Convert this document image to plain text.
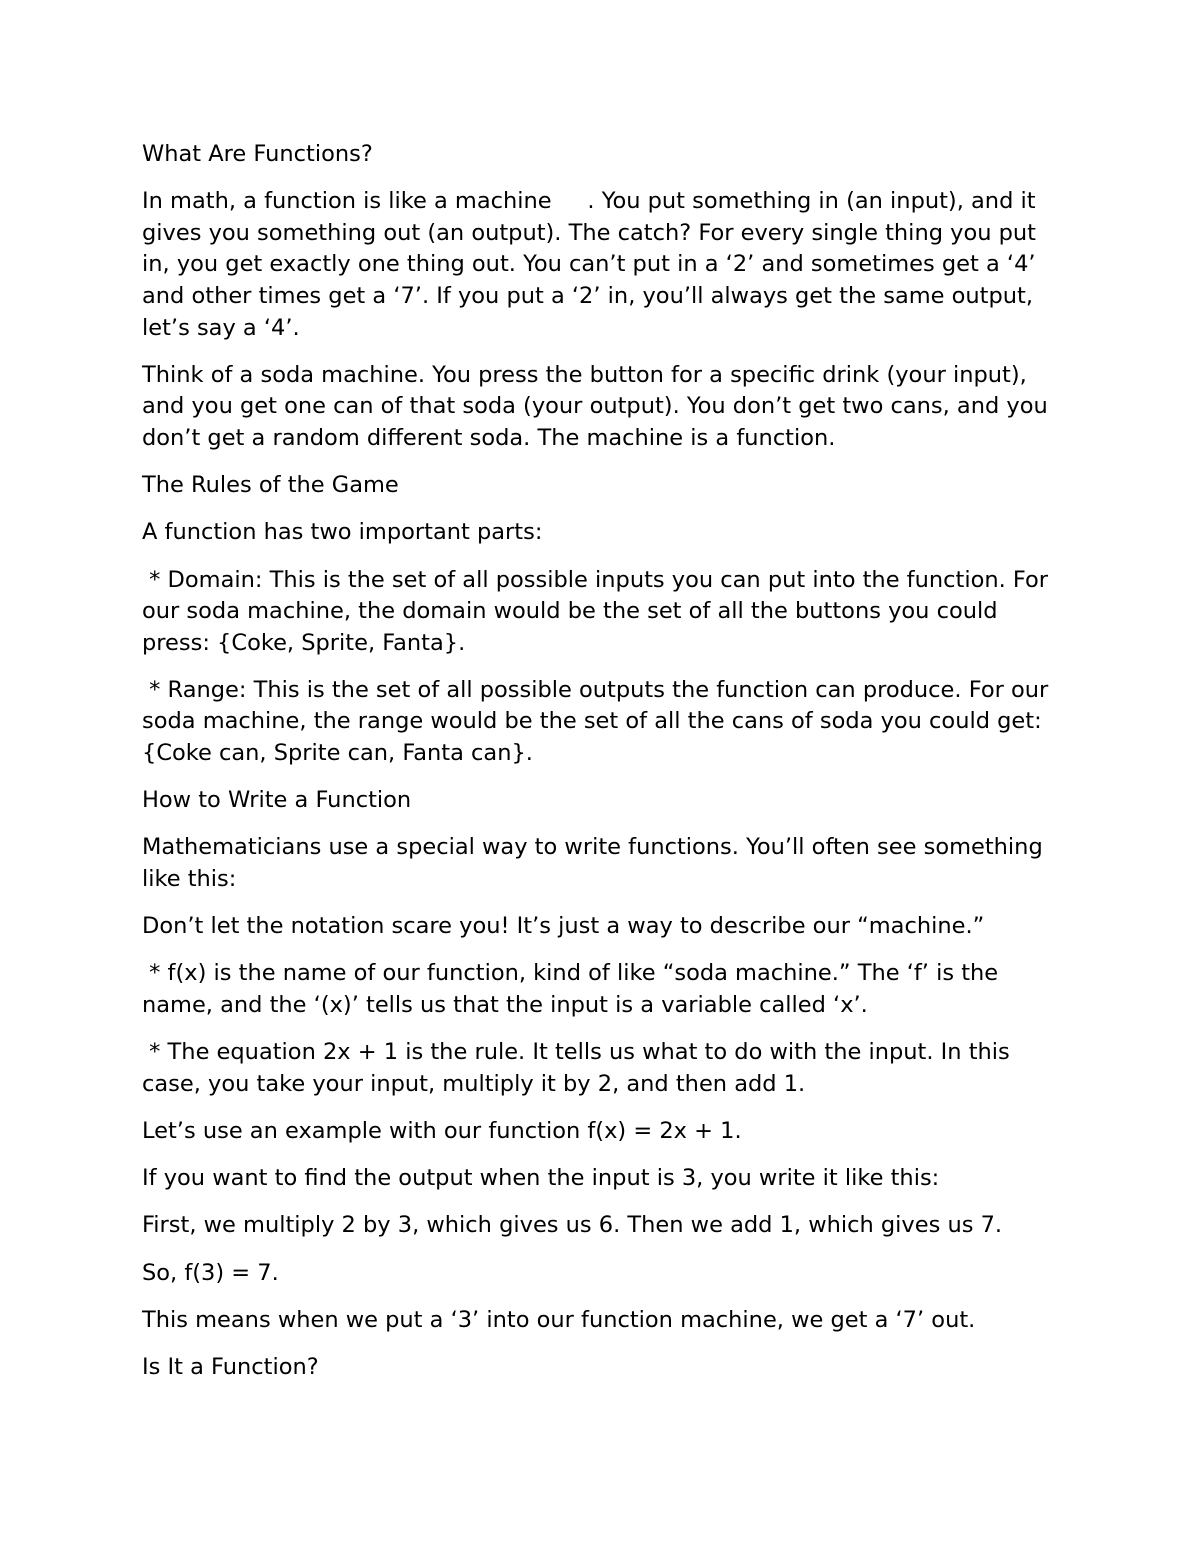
What Are Functions?

In math, a function is like a machine     . You put something in (an input), and it gives you something out (an output). The catch? For every single thing you put in, you get exactly one thing out. You can’t put in a ‘2’ and sometimes get a ‘4’ and other times get a ‘7’. If you put a ‘2’ in, you’ll always get the same output, let’s say a ‘4’.

Think of a soda machine. You press the button for a specific drink (your input), and you get one can of that soda (your output). You don’t get two cans, and you don’t get a random different soda. The machine is a function.

The Rules of the Game

A function has two important parts:

* Domain: This is the set of all possible inputs you can put into the function. For our soda machine, the domain would be the set of all the buttons you could press: {Coke, Sprite, Fanta}.

* Range: This is the set of all possible outputs the function can produce. For our soda machine, the range would be the set of all the cans of soda you could get: {Coke can, Sprite can, Fanta can}.

How to Write a Function

Mathematicians use a special way to write functions. You’ll often see something like this:

Don’t let the notation scare you! It’s just a way to describe our “machine.”

* f(x) is the name of our function, kind of like “soda machine.” The ‘f’ is the name, and the ‘(x)’ tells us that the input is a variable called ‘x’.

* The equation 2x + 1 is the rule. It tells us what to do with the input. In this case, you take your input, multiply it by 2, and then add 1.

Let’s use an example with our function f(x) = 2x + 1.

If you want to find the output when the input is 3, you write it like this:

First, we multiply 2 by 3, which gives us 6. Then we add 1, which gives us 7.

So, f(3) = 7.

This means when we put a ‘3’ into our function machine, we get a ‘7’ out.

Is It a Function?
